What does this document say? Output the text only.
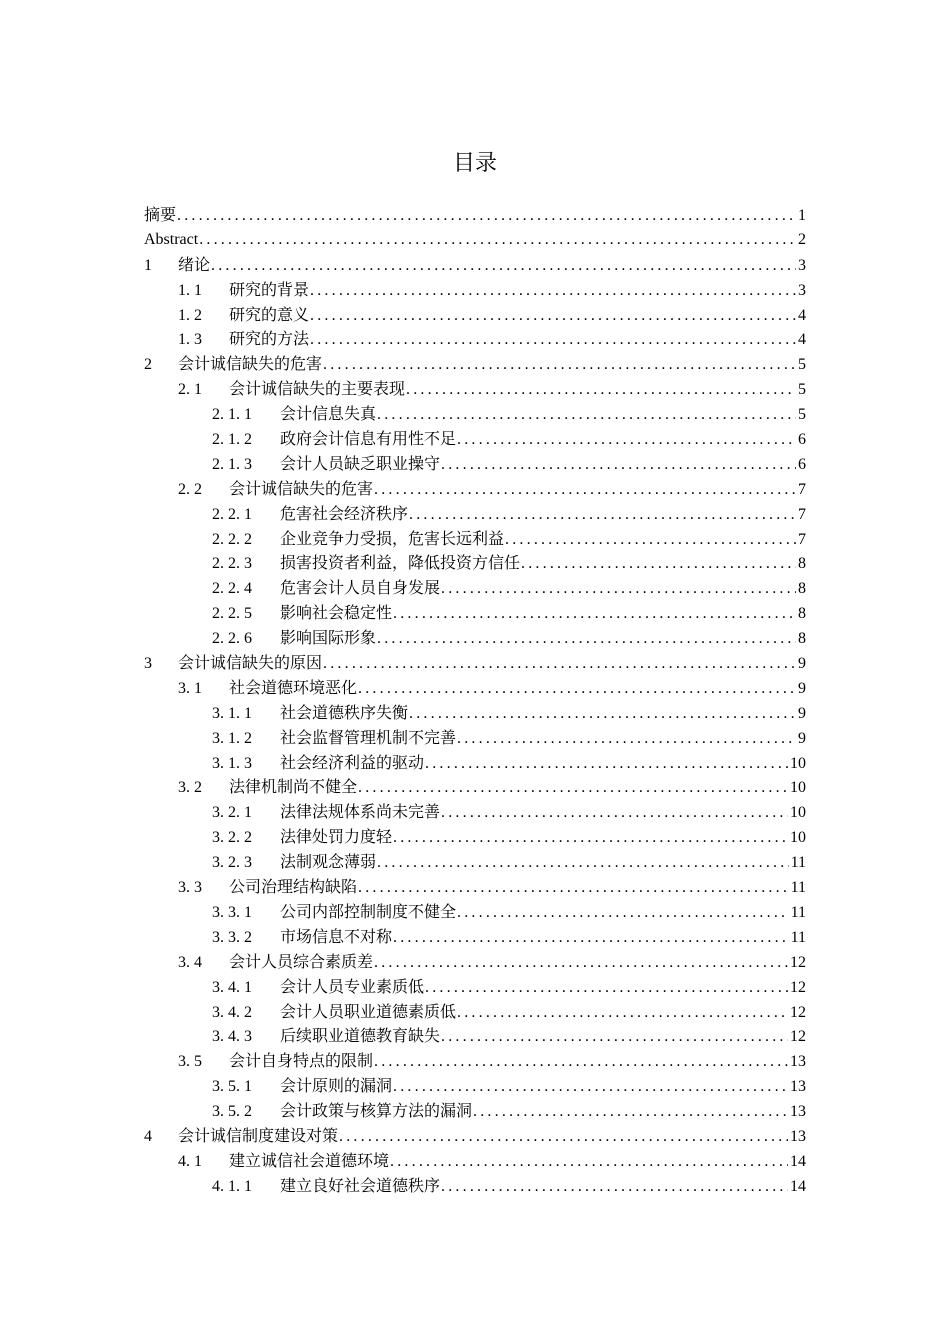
目录
摘要 .....	1
Abstract .....	2
1	绪论 .....	3
1. 1	研究的背景 .....	3
1. 2	研究的意义 .....	4
1. 3	研究的方法 .....	4
2	会计诚信缺失的危害 .....	5
2. 1	会计诚信缺失的主要表现 .....	5
2. 1. 1	会计信息失真 .....	5
2. 1. 2	政府会计信息有用性不足 .....	6
2. 1. 3	会计人员缺乏职业操守 .....	6
2. 2	会计诚信缺失的危害 .....	7
2. 2. 1	危害社会经济秩序 .....	7
2. 2. 2	企业竞争力受损，危害长远利益 .....	7
2. 2. 3	损害投资者利益，降低投资方信任 .....	8
2. 2. 4	危害会计人员自身发展 .....	8
2. 2. 5	影响社会稳定性 .....	8
2. 2. 6	影响国际形象 .....	8
3	会计诚信缺失的原因 .....	9
3. 1	社会道德环境恶化 .....	9
3. 1. 1	社会道德秩序失衡 .....	9
3. 1. 2	社会监督管理机制不完善 .....	9
3. 1. 3	社会经济利益的驱动 .....	10
3. 2	法律机制尚不健全 .....	10
3. 2. 1	法律法规体系尚未完善 .....	10
3. 2. 2	法律处罚力度轻 .....	10
3. 2. 3	法制观念薄弱 .....	11
3. 3	公司治理结构缺陷 .....	11
3. 3. 1	公司内部控制制度不健全 .....	11
3. 3. 2	市场信息不对称 .....	11
3. 4	会计人员综合素质差 .....	12
3. 4. 1	会计人员专业素质低 .....	12
3. 4. 2	会计人员职业道德素质低 .....	12
3. 4. 3	后续职业道德教育缺失 .....	12
3. 5	会计自身特点的限制 .....	13
3. 5. 1	会计原则的漏洞 .....	13
3. 5. 2	会计政策与核算方法的漏洞 .....	13
4	会计诚信制度建设对策 .....	13
4. 1	建立诚信社会道德环境 .....	14
4. 1. 1	建立良好社会道德秩序 .....	14
